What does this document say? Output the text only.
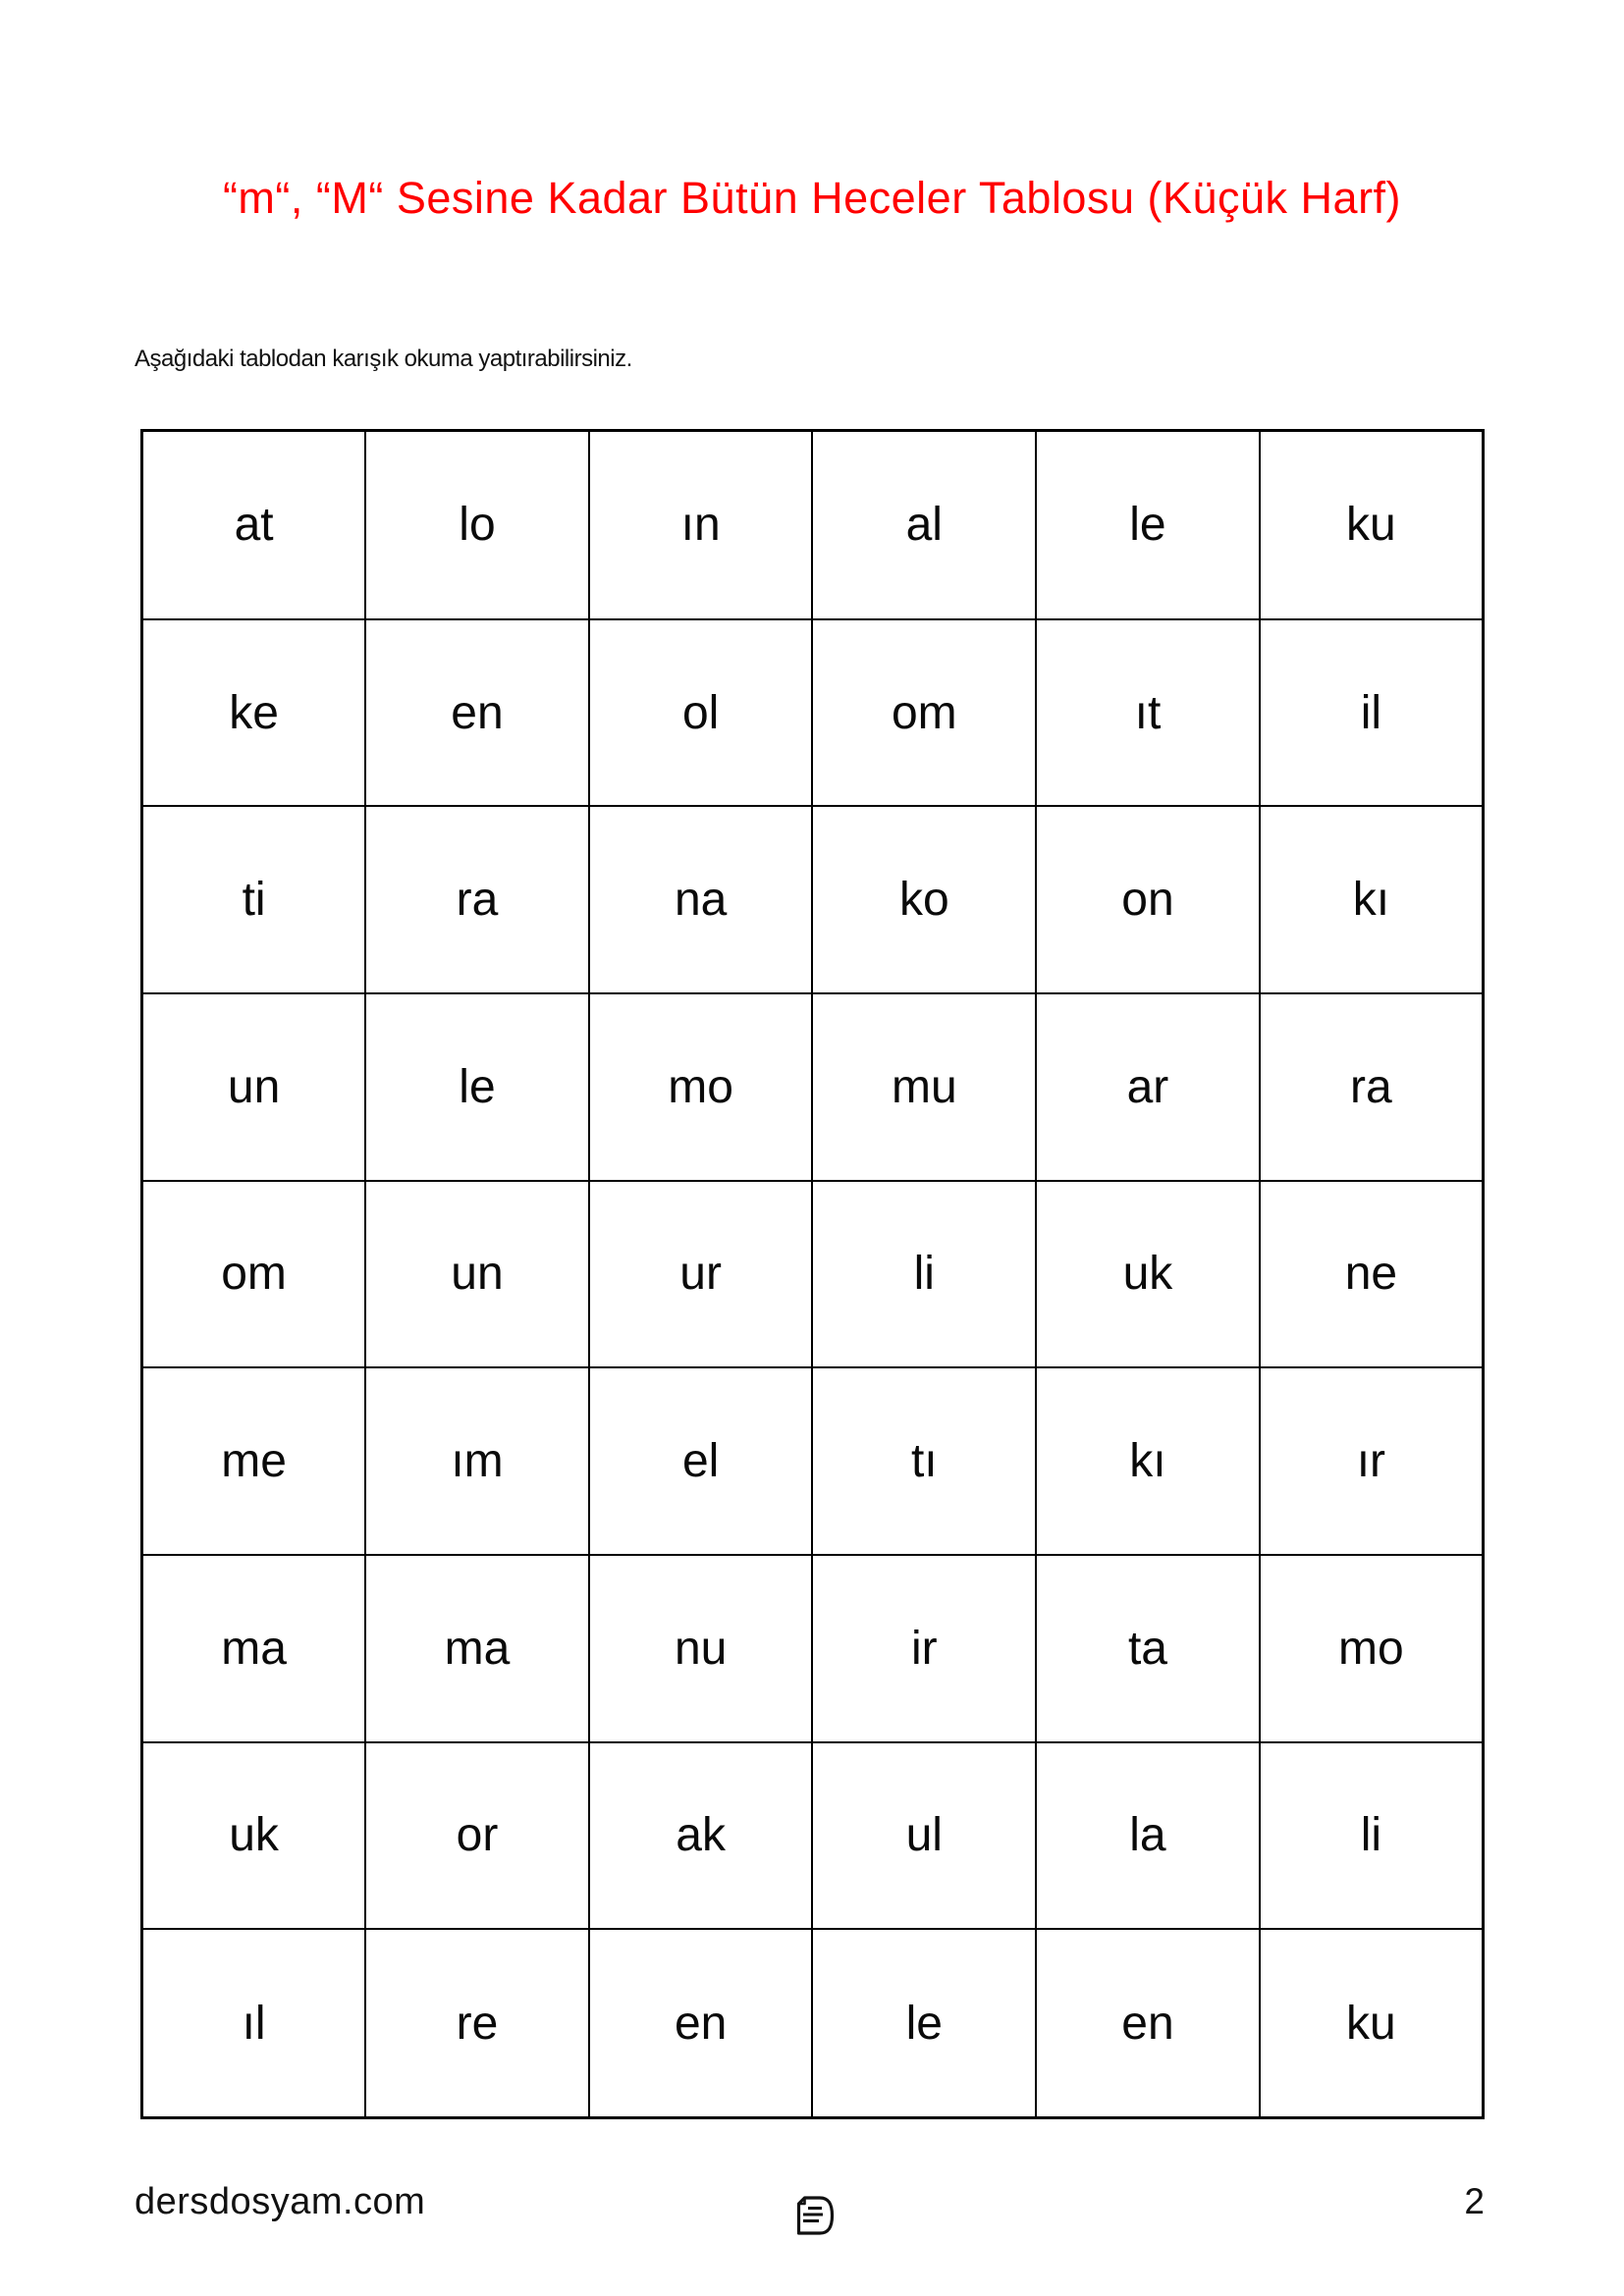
“m“, “M“ Sesine Kadar Bütün Heceler Tablosu (Küçük Harf)
Aşağıdaki tablodan karışık okuma yaptırabilirsiniz.
at	lo	ın	al	le	ku
ke	en	ol	om	ıt	il
ti	ra	na	ko	on	kı
un	le	mo	mu	ar	ra
om	un	ur	li	uk	ne
me	ım	el	tı	kı	ır
ma	ma	nu	ir	ta	mo
uk	or	ak	ul	la	li
ıl	re	en	le	en	ku
dersdosyam.com	2
